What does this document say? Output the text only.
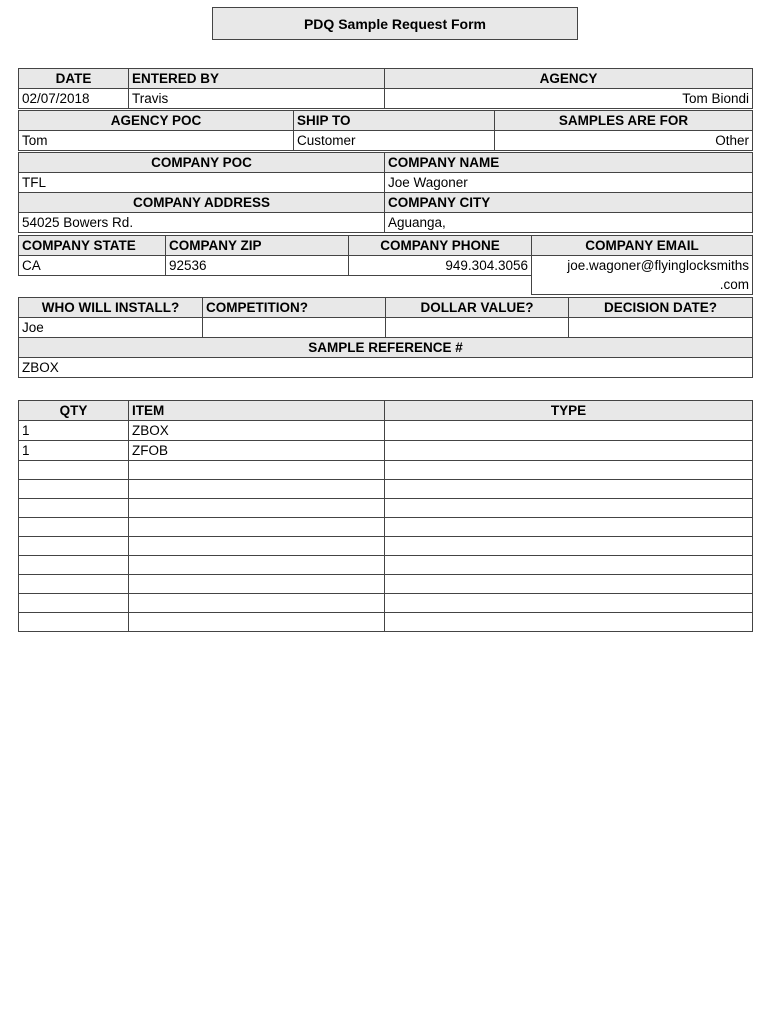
PDQ Sample Request Form
DATE	ENTERED BY	AGENCY
02/07/2018	Travis	Tom Biondi
AGENCY POC	SHIP TO	SAMPLES ARE FOR
Tom	Customer	Other
COMPANY POC	COMPANY NAME
TFL	Joe Wagoner
COMPANY ADDRESS	COMPANY CITY
54025 Bowers Rd.	Aguanga,
COMPANY STATE	COMPANY ZIP	COMPANY PHONE	COMPANY EMAIL
CA	92536	949.304.3056	joe.wagoner@flyinglocksmiths
.com

WHO WILL INSTALL?	COMPETITION?	DOLLAR VALUE?	DECISION DATE?
Joe			
SAMPLE REFERENCE #			
ZBOX			
QTY	ITEM	TYPE
1	ZBOX	
1	ZFOB	
